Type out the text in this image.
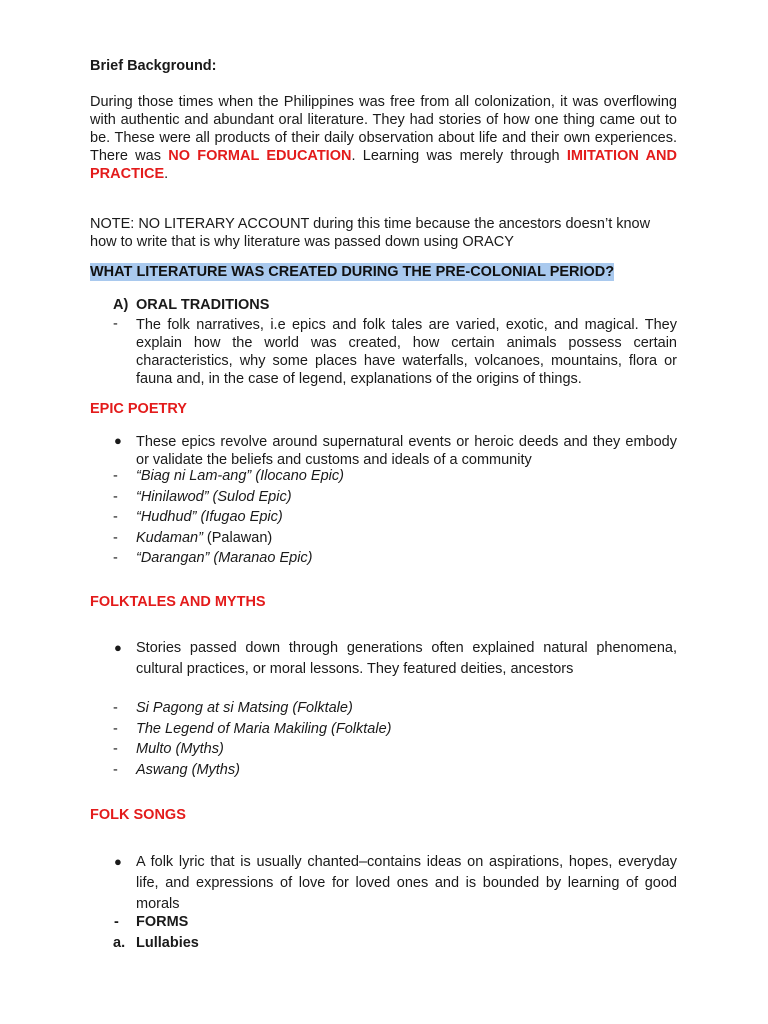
Brief Background:
During those times when the Philippines was free from all colonization, it was overflowing with authentic and abundant oral literature. They had stories of how one thing came out to be. These were all products of their daily observation about life and their own experiences. There was NO FORMAL EDUCATION. Learning was merely through IMITATION AND PRACTICE.
NOTE: NO LITERARY ACCOUNT during this time because the ancestors doesn’t know how to write that is why literature was passed down using ORACY
WHAT LITERATURE WAS CREATED DURING THE PRE-COLONIAL PERIOD?
A) ORAL TRADITIONS
- The folk narratives, i.e epics and folk tales are varied, exotic, and magical. They explain how the world was created, how certain animals possess certain characteristics, why some places have waterfalls, volcanoes, mountains, flora or fauna and, in the case of legend, explanations of the origins of things.
EPIC POETRY
● These epics revolve around supernatural events or heroic deeds and they embody or validate the beliefs and customs and ideals of a community
- “Biag ni Lam-ang” (Ilocano Epic)
- “Hinilawod” (Sulod Epic)
- “Hudhud” (Ifugao Epic)
- Kudaman” (Palawan)
- “Darangan” (Maranao Epic)
FOLKTALES AND MYTHS
● Stories passed down through generations often explained natural phenomena, cultural practices, or moral lessons. They featured deities, ancestors
- Si Pagong at si Matsing (Folktale)
- The Legend of Maria Makiling (Folktale)
- Multo (Myths)
- Aswang (Myths)
FOLK SONGS
● A folk lyric that is usually chanted–contains ideas on aspirations, hopes, everyday life, and expressions of love for loved ones and is bounded by learning of good morals
- FORMS
a. Lullabies
